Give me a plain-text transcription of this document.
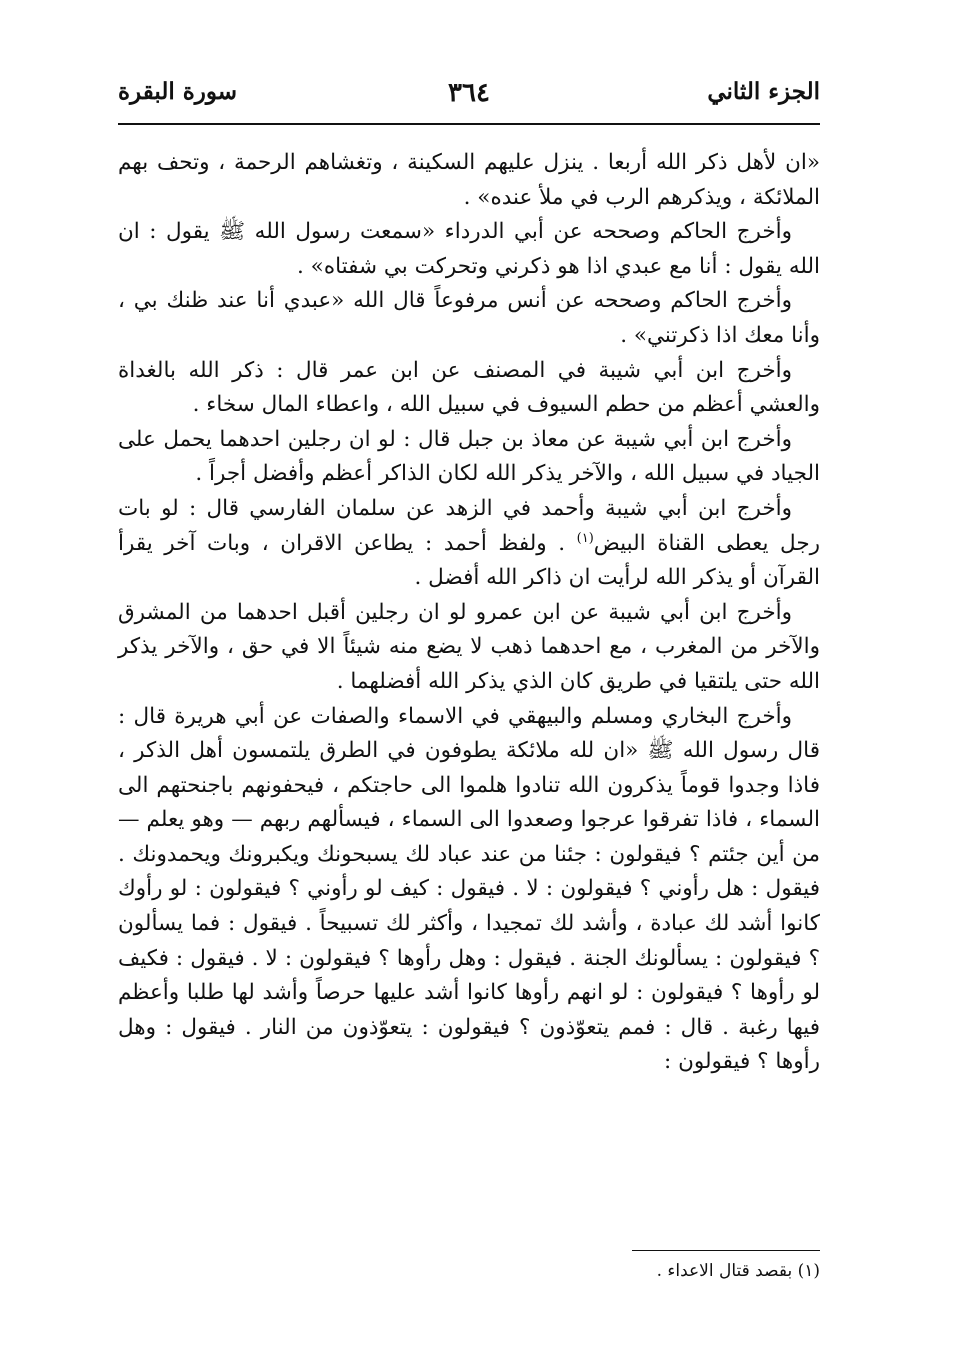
الجزء الثاني
٣٦٤
سورة البقرة

«ان لأهل ذكر الله أربعا . ينزل عليهم السكينة ، وتغشاهم الرحمة ، وتحف بهم الملائكة ، ويذكرهم الرب في ملأ عنده» .

وأخرج الحاكم وصححه عن أبي الدرداء «سمعت رسول الله ﷺ يقول : ان الله يقول : أنا مع عبدي اذا هو ذكرني وتحركت بي شفتاه» .

وأخرج الحاكم وصححه عن أنس مرفوعاً قال الله «عبدي أنا عند ظنك بي ، وأنا معك اذا ذكرتني» .

وأخرج ابن أبي شيبة في المصنف عن ابن عمر قال : ذكر الله بالغداة والعشي أعظم من حطم السيوف في سبيل الله ، واعطاء المال سخاء .

وأخرج ابن أبي شيبة عن معاذ بن جبل قال : لو ان رجلين احدهما يحمل على الجياد في سبيل الله ، والآخر يذكر الله لكان الذاكر أعظم وأفضل أجراً .

وأخرج ابن أبي شيبة وأحمد في الزهد عن سلمان الفارسي قال : لو بات رجل يعطى القناة البيض$^{(١)}$ . ولفظ أحمد : يطاعن الاقران ، وبات آخر يقرأ القرآن أو يذكر الله لرأيت ان ذاكر الله أفضل .

وأخرج ابن أبي شيبة عن ابن عمرو لو ان رجلين أقبل احدهما من المشرق والآخر من المغرب ، مع احدهما ذهب لا يضع منه شيئاً الا في حق ، والآخر يذكر الله حتى يلتقيا في طريق كان الذي يذكر الله أفضلهما .

وأخرج البخاري ومسلم والبيهقي في الاسماء والصفات عن أبي هريرة قال : قال رسول الله ﷺ «ان لله ملائكة يطوفون في الطرق يلتمسون أهل الذكر ، فاذا وجدوا قوماً يذكرون الله تنادوا هلموا الى حاجتكم ، فيحفونهم باجنحتهم الى السماء ، فاذا تفرقوا عرجوا وصعدوا الى السماء ، فيسألهم ربهم — وهو يعلم — من أين جئتم ؟ فيقولون : جئنا من عند عباد لك يسبحونك ويكبرونك ويحمدونك . فيقول : هل رأوني ؟ فيقولون : لا . فيقول : كيف لو رأوني ؟ فيقولون : لو رأوك كانوا أشد لك عبادة ، وأشد لك تمجيدا ، وأكثر لك تسبيحاً . فيقول : فما يسألون ؟ فيقولون : يسألونك الجنة . فيقول : وهل رأوها ؟ فيقولون : لا . فيقول : فكيف لو رأوها ؟ فيقولون : لو انهم رأوها كانوا أشد عليها حرصاً وأشد لها طلبا وأعظم فيها رغبة . قال : فمم يتعوّذون ؟ فيقولون : يتعوّذون من النار . فيقول : وهل رأوها ؟ فيقولون :

(١) بقصد قتال الاعداء .
